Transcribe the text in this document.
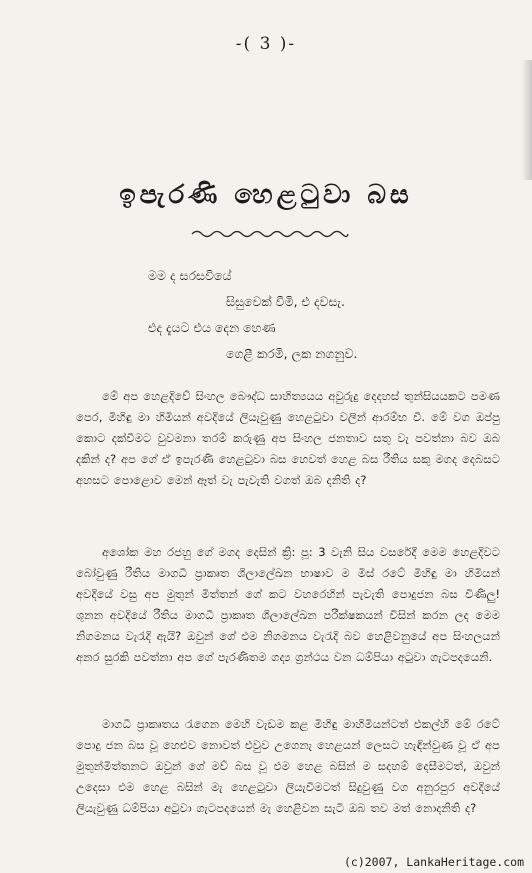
-( 3 )-
ඉපැරණි හෙළටුවා බස
මම ද සරසවියේ
සිසුවෙක් වීමි, එ දවසැ.
එද දැයට එය දෙන හෙණ
ගෙළී කරමි, ලක නගනුව.
මේ අප හෙළදිවේ සිංහල බෞද්ධ සාහිත්‍යයය අවුරුදු දෙදහස් තුන්සියයකට පමණ පෙර, මිහිඳු මා හිමියන් අවදියේ ලියැවුණු හෙළටුවා වලින් ආරම්භ වී. මේ වග ඔප්පු කොට දක්වීමට වුවමනා තරම් කරුණු අප සිංහල ජනතාව සතු වැ පවත්නා බව ඔබ දකින් ද? අප ගේ ඒ ඉපැරණි හෙළටුවා බස හෙවත් හෙළ බස රීතිය සකු මගද දෙබසට අහසට පොළොව මෙන් ඈත් වැ පැවැති වගත් ඔබ දනිති ද?
අශෝක මහ රජහු ගේ මගද දෙසින් ක්‍රි: පූ: 3 වැනි සිය වසරේදී මෙම හෙළදිවට බෝවුණු රීතිය මාගධී ප්‍රාකෘත ශිලාලේඛන භාෂාව ම මිස් රටේ මිහිඳු මා හිමියන් අවදියේ වසු අප මුතුන් මිත්තන් ගේ කට වහරෙහින් පැවැති පොදුජන බස විණිලු! ශුනන අවදියේ රීතිය මාගධී ප්‍රාකෘත ශිලාලේඛන පරීක්ෂකයන් විසින් කරන ලද මෙම නිගමනය වැරැදි ඇයි? ඔවුන් ගේ එම නිගමනය වැරැදි බව හෙළිවනුයේ අප සිංහලයන් අනර සුරකි පවත්නා අප ගේ පැරණිතම ගද්‍ය ග්‍රන්ථය වන ධම්පියා අටුවා ගැටපදයෙනි.
මාගධී ප්‍රාකෘතය රැගෙන මෙහි වැඩම කළ මිහිඳු මාහිමියන්ටත් එකල්හි මේ රටේ පොදු ජන බස වූ හෙළුව නොවත් එවුව උගෙනැ හෙළයන් ලෙසට හැඳින්වුණ වූ ඒ අප මුතුන්මිත්තනට ඔවුන් ගේ මව් බස වූ එම හෙළ බසින් ම සදහම් දෙසීමටත්, ඔවුන් උදෙසා එම හෙළ බසින් මැ හෙළටුවා ලියැවීමටත් සිදුවුණු වග අනුරපුර අවදියේ ලියැවුණු ධම්පියා අටුවා ගැටපදයෙන් මැ හෙළිවන සැටි ඔබ තව මත් නොදනිති ද?
(c)2007, LankaHeritage.com
